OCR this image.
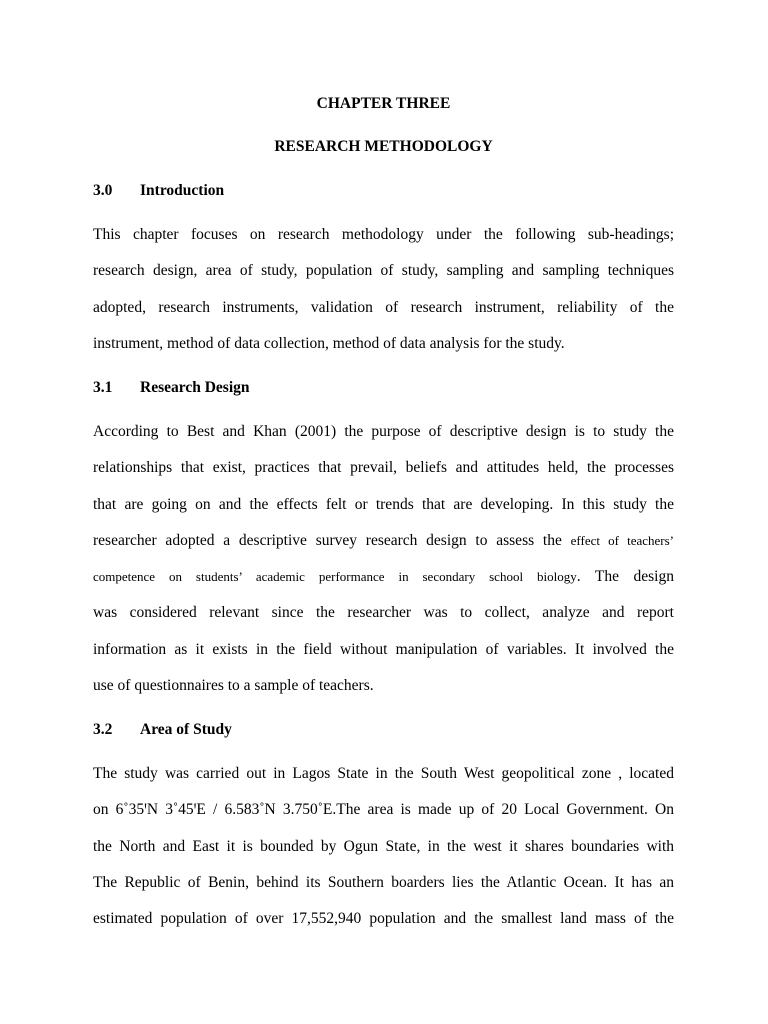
CHAPTER THREE
RESEARCH METHODOLOGY
3.0 Introduction
This chapter focuses on research methodology under the following sub-headings;
research design, area of study, population of study, sampling and sampling techniques
adopted, research instruments, validation of research instrument, reliability of the
instrument, method of data collection, method of data analysis for the study.
3.1 Research Design
According to Best and Khan (2001) the purpose of descriptive design is to study the
relationships that exist, practices that prevail, beliefs and attitudes held, the processes
that are going on and the effects felt or trends that are developing. In this study the
researcher adopted a descriptive survey research design to assess the effect of teachers’
competence on students’ academic performance in secondary school biology. The design
was considered relevant since the researcher was to collect, analyze and report
information as it exists in the field without manipulation of variables. It involved the
use of questionnaires to a sample of teachers.
3.2 Area of Study
The study was carried out in Lagos State in the South West geopolitical zone , located
on 6˚35ꞌN 3˚45ꞌE / 6.583˚N 3.750˚E.The area is made up of 20 Local Government. On
the North and East it is bounded by Ogun State, in the west it shares boundaries with
The Republic of Benin, behind its Southern boarders lies the Atlantic Ocean. It has an
estimated population of over 17,552,940 population and the smallest land mass of the
